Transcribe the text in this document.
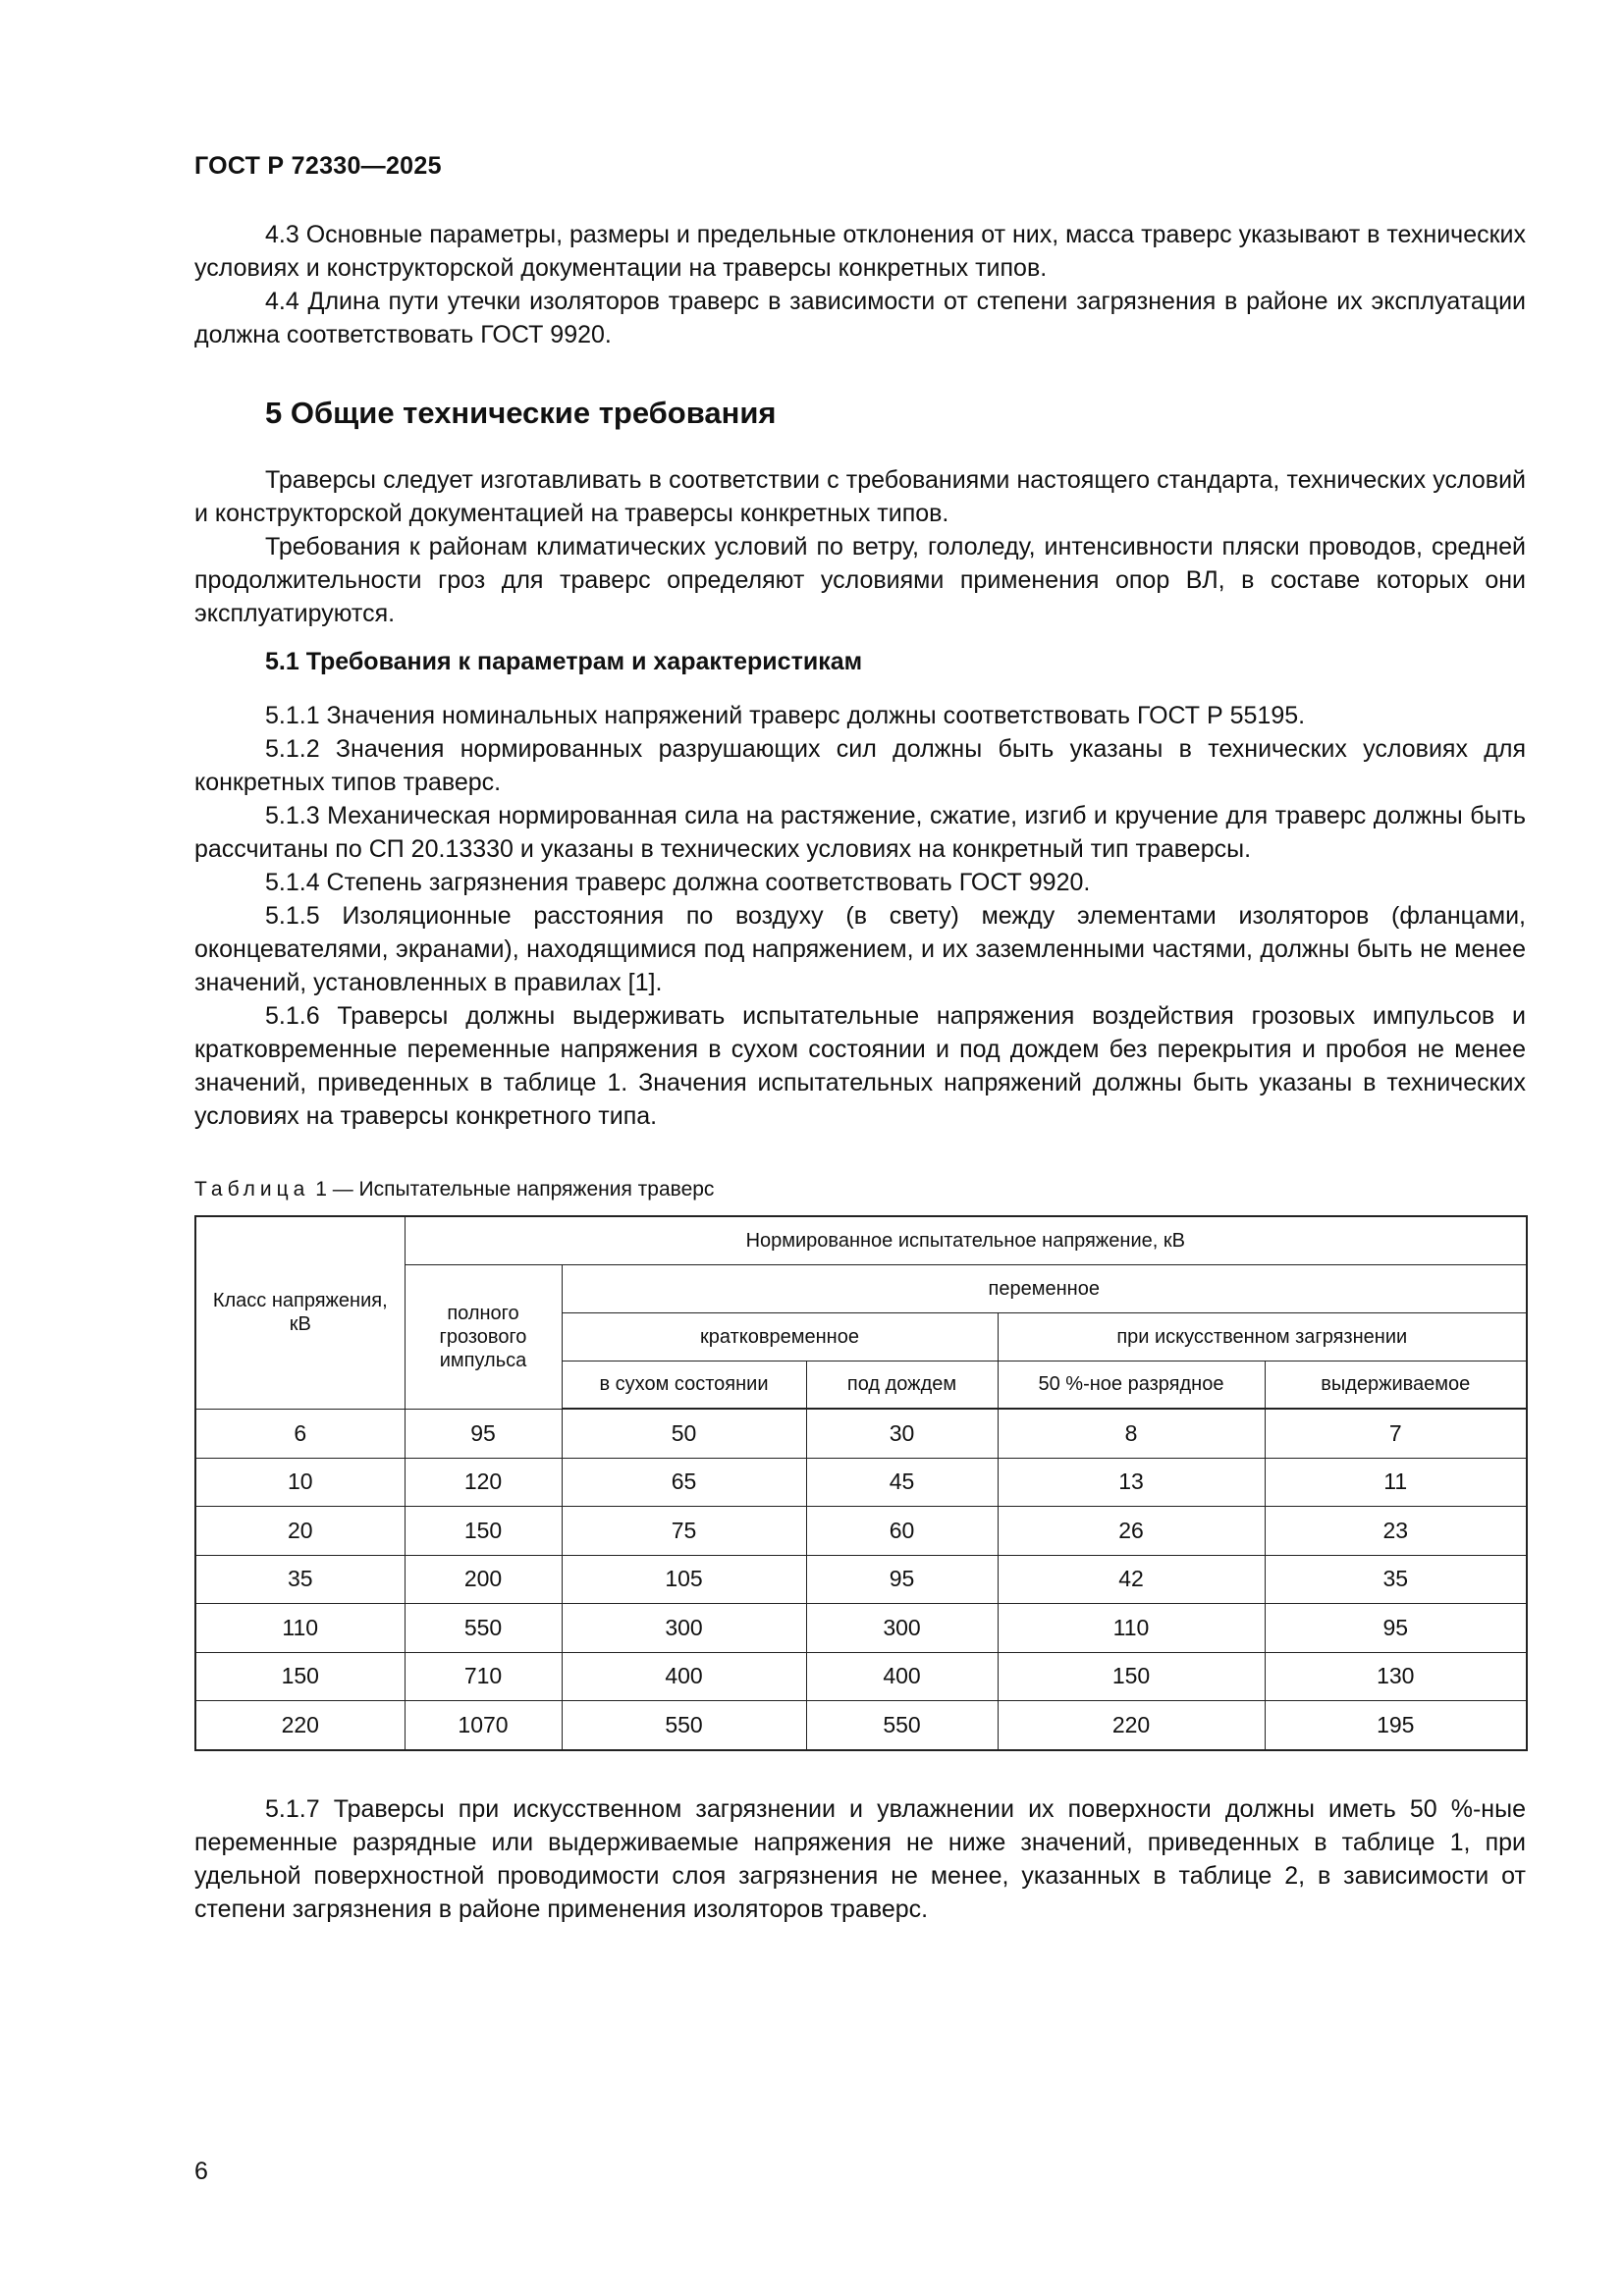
ГОСТ Р 72330—2025

4.3 Основные параметры, размеры и предельные отклонения от них, масса траверс указывают в технических условиях и конструкторской документации на траверсы конкретных типов.

4.4 Длина пути утечки изоляторов траверс в зависимости от степени загрязнения в районе их эксплуатации должна соответствовать ГОСТ 9920.

5 Общие технические требования

Траверсы следует изготавливать в соответствии с требованиями настоящего стандарта, технических условий и конструкторской документацией на траверсы конкретных типов.

Требования к районам климатических условий по ветру, гололеду, интенсивности пляски проводов, средней продолжительности гроз для траверс определяют условиями применения опор ВЛ, в составе которых они эксплуатируются.

5.1 Требования к параметрам и характеристикам

5.1.1 Значения номинальных напряжений траверс должны соответствовать ГОСТ Р 55195.

5.1.2 Значения нормированных разрушающих сил должны быть указаны в технических условиях для конкретных типов траверс.

5.1.3 Механическая нормированная сила на растяжение, сжатие, изгиб и кручение для траверс должны быть рассчитаны по СП 20.13330 и указаны в технических условиях на конкретный тип траверсы.

5.1.4 Степень загрязнения траверс должна соответствовать ГОСТ 9920.

5.1.5 Изоляционные расстояния по воздуху (в свету) между элементами изоляторов (фланцами, оконцевателями, экранами), находящимися под напряжением, и их заземленными частями, должны быть не менее значений, установленных в правилах [1].

5.1.6 Траверсы должны выдерживать испытательные напряжения воздействия грозовых импульсов и кратковременные переменные напряжения в сухом состоянии и под дождем без перекрытия и пробоя не менее значений, приведенных в таблице 1. Значения испытательных напряжений должны быть указаны в технических условиях на траверсы конкретного типа.

Таблица 1 — Испытательные напряжения траверс
Класс напряжения, кВ	Нормированное испытательное напряжение, кВ				
	полного грозового импульса	переменное			
		кратковременное		при искусственном загрязнении	
		в сухом состоянии	под дождем	50 %-ное разрядное	выдерживаемое
6	95	50	30	8	7
10	120	65	45	13	11
20	150	75	60	26	23
35	200	105	95	42	35
110	550	300	300	110	95
150	710	400	400	150	130
220	1070	550	550	220	195

5.1.7 Траверсы при искусственном загрязнении и увлажнении их поверхности должны иметь 50 %-ные переменные разрядные или выдерживаемые напряжения не ниже значений, приведенных в таблице 1, при удельной поверхностной проводимости слоя загрязнения не менее, указанных в таблице 2, в зависимости от степени загрязнения в районе применения изоляторов траверс.

6
